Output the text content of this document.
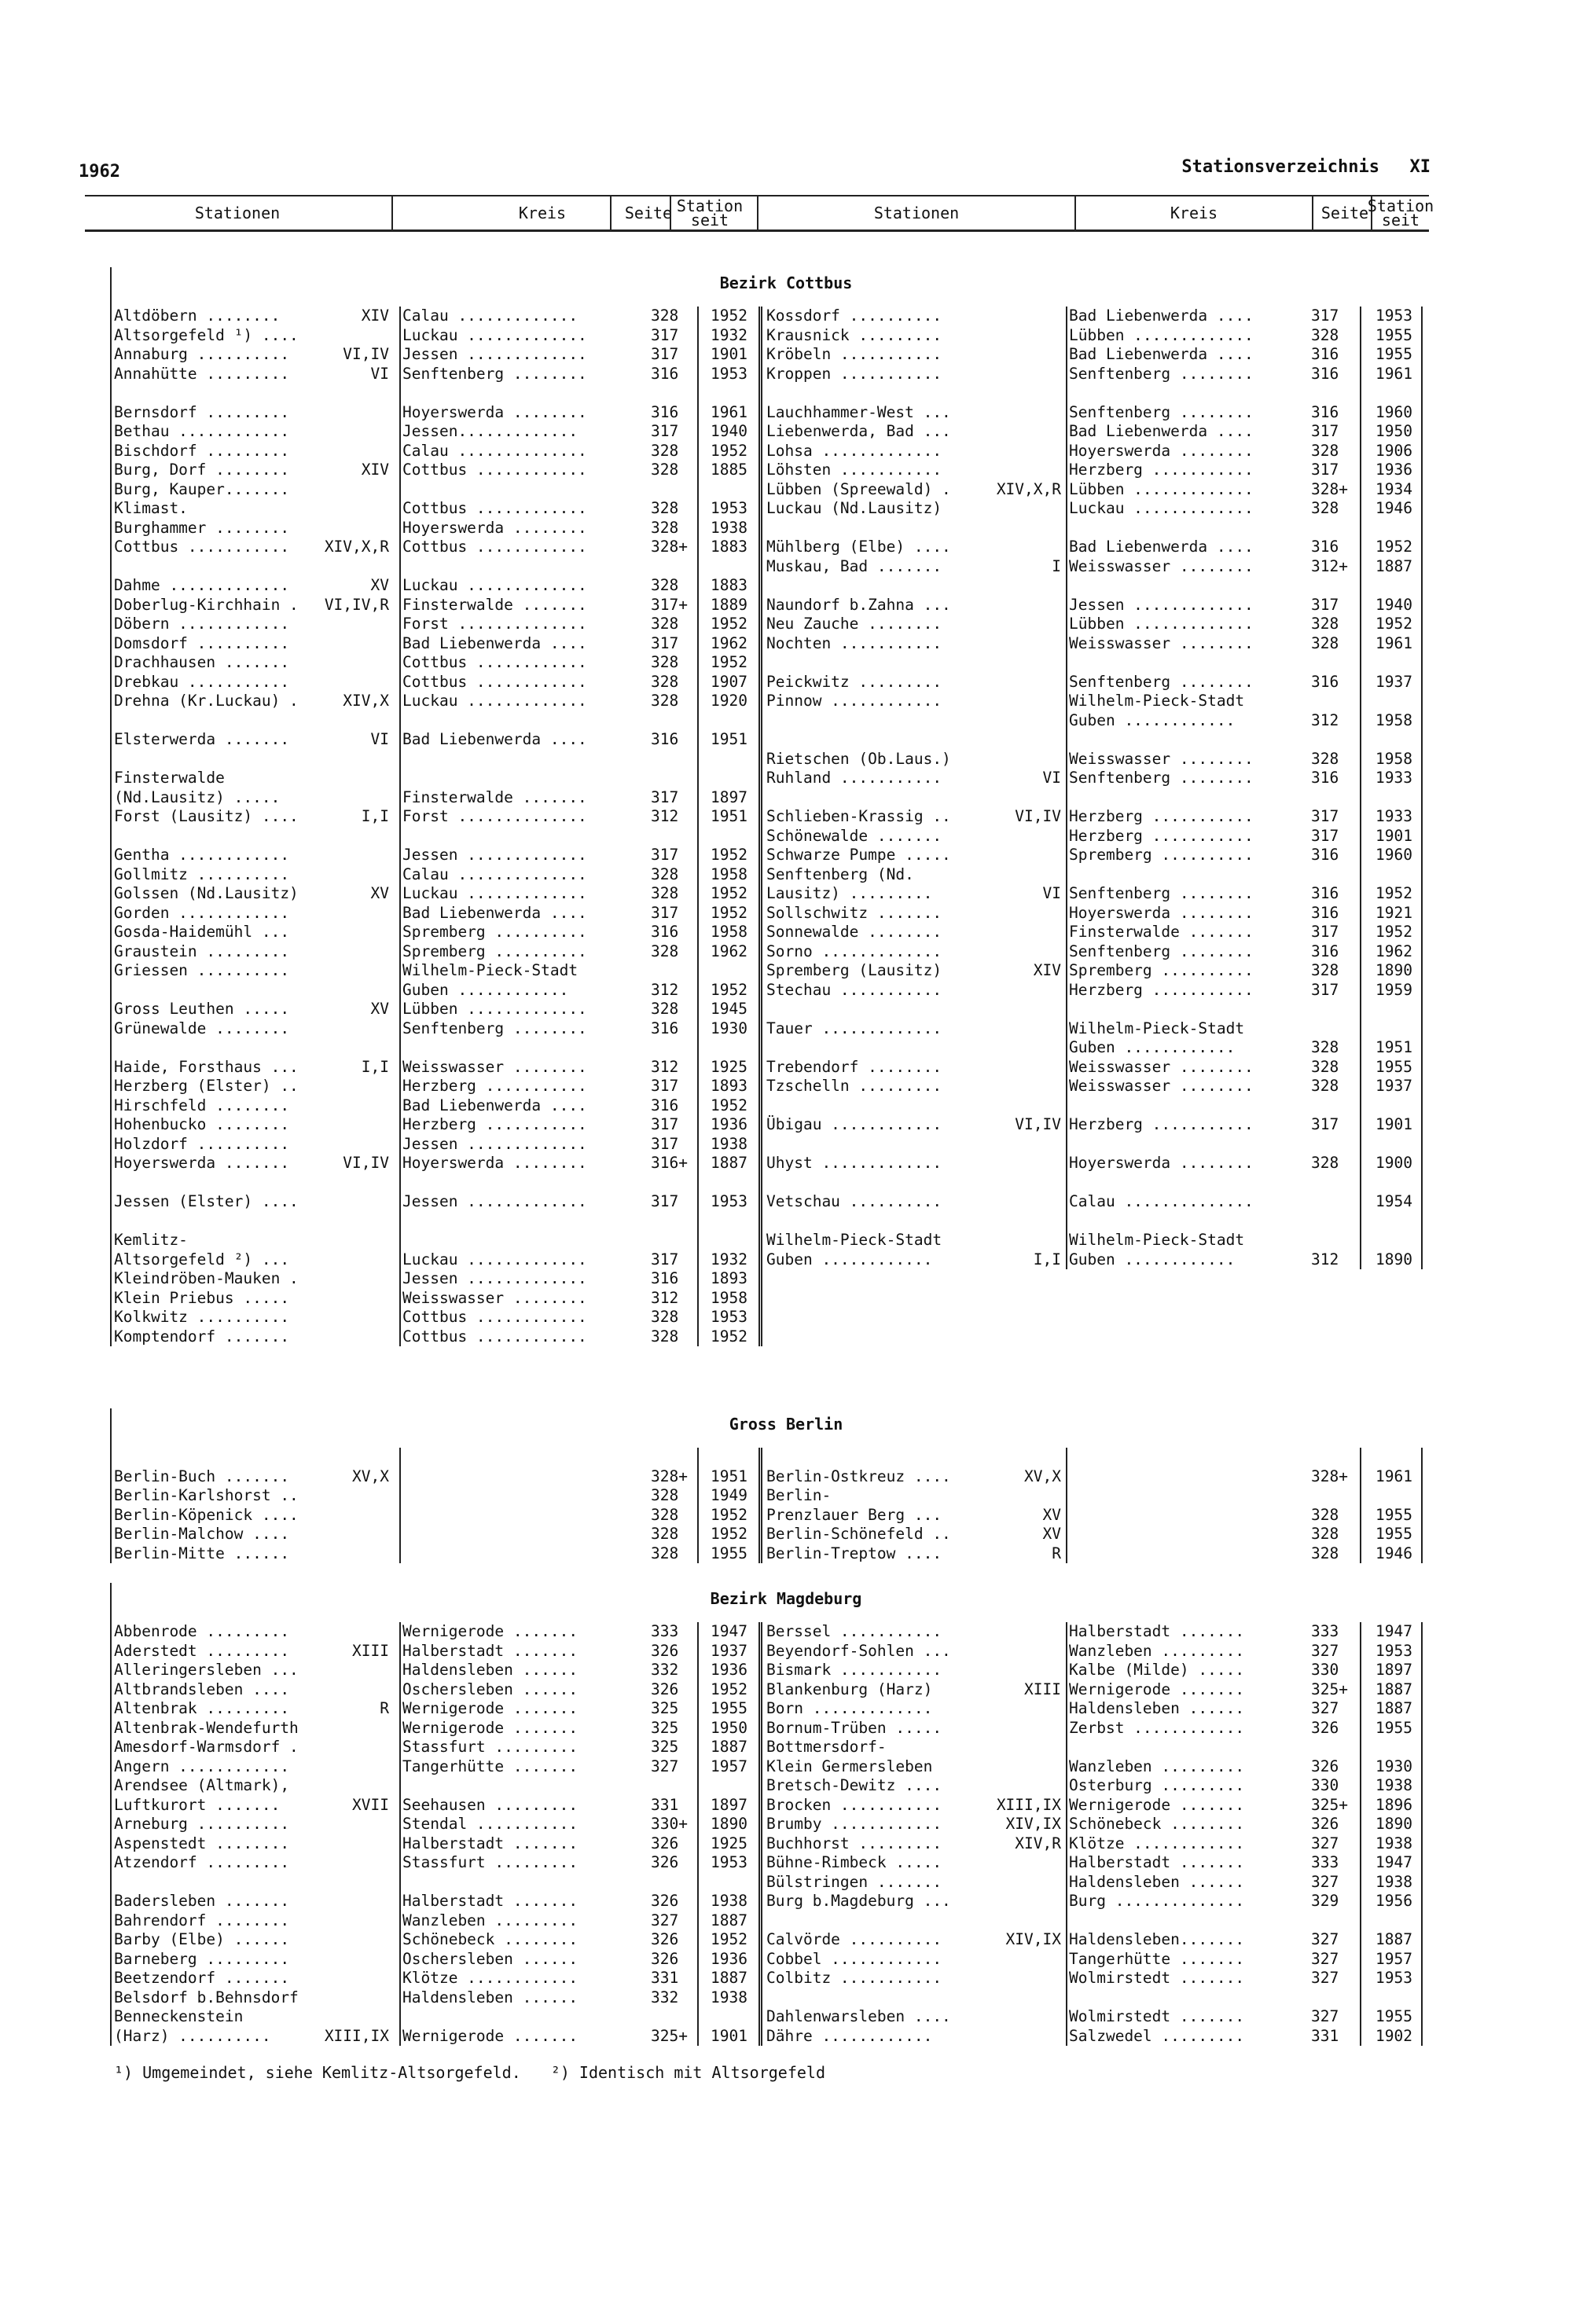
1962	Stationsverzeichnis XI
Stationen	Kreis	Seite Station seit	Stationen	Kreis	Seite
Station seit
Bezirk Cottbus
Altdöbern ........	XIV Calau .............	328 1952
Altsorgefeld ¹) ....	Luckau .............	317 1932
Annaburg ..........	VI,IV Jessen .............	317 1901
Annahütte .........	VI Senftenberg ........	316 1953
Bernsdorf .........	Hoyerswerda ........	316 1961
Bethau ............	Jessen.............	317 1940
Bischdorf .........	Calau ..............	328 1952
Burg, Dorf ........	XIV Cottbus ............	328 1885
Burg, Kauper.......
Klimast.	Cottbus ............	328 1953
Burghammer ........	Hoyerswerda ........	328 1938
Cottbus ........... XIV,X,R Cottbus ............	328+ 1883
Dahme .............	XV Luckau .............	328 1883
Doberlug-Kirchhain . VI,IV,R Finsterwalde .......	317+ 1889
Döbern ............	Forst ..............	328 1952
Domsdorf ..........	Bad Liebenwerda ....	317 1962
Drachhausen .......	Cottbus ............	328 1952
Drebkau ...........	Cottbus ............	328 1907
Drehna (Kr.Luckau) .	XIV,X Luckau .............	328 1920
Elsterwerda .......	VI Bad Liebenwerda ....	316 1951
Finsterwalde
(Nd.Lausitz) .....	Finsterwalde .......	317 1897
Forst (Lausitz) ....	I,I Forst ..............	312 1951
Gentha ............	Jessen .............	317 1952
Gollmitz ..........	Calau ..............	328 1958
Golssen (Nd.Lausitz)	XV Luckau .............	328 1952
Gorden ............	Bad Liebenwerda ....	317 1952
Gosda-Haidemühl ...	Spremberg ..........	316 1958
Graustein .........	Spremberg ..........	328 1962
Griessen ..........	Wilhelm-Pieck-Stadt
Guben ............	312 1952
Gross Leuthen .....	XV Lübben .............	328 1945
Grünewalde ........	Senftenberg ........	316 1930
Haide, Forsthaus ...	I,I Weisswasser ........	312 1925
Herzberg (Elster) ..	Herzberg ...........	317 1893
Hirschfeld ........	Bad Liebenwerda ....	316 1952
Hohenbucko ........	Herzberg ...........	317 1936
Holzdorf ..........	Jessen .............	317 1938
Hoyerswerda .......	VI,IV Hoyerswerda ........	316+ 1887
Jessen (Elster) ....	Jessen .............	317 1953
Kemlitz-
Altsorgefeld ²) ...	Luckau .............	317 1932
Kleindröben-Mauken .	Jessen .............	316 1893
Klein Priebus .....	Weisswasser ........	312 1958
Kolkwitz ..........	Cottbus ............	328 1953
Komptendorf .......	Cottbus ............	328 1952
Kossdorf ..........	Bad Liebenwerda ....	317 1953
Krausnick .........	Lübben .............	328 1955
Kröbeln ...........	Bad Liebenwerda ....	316 1955
Kroppen ...........	Senftenberg ........	316 1961
Lauchhammer-West ...	Senftenberg ........	316 1960
Liebenwerda, Bad ...	Bad Liebenwerda ....	317 1950
Lohsa .............	Hoyerswerda ........	328 1906
Löhsten ...........	Herzberg ...........	317 1936
Lübben (Spreewald) .	XIV,X,R Lübben .............	328+ 1934
Luckau (Nd.Lausitz)	Luckau .............	328 1946
Mühlberg (Elbe) ....	Bad Liebenwerda ....	316 1952
Muskau, Bad .......	I Weisswasser ........	312+ 1887
Naundorf b.Zahna ...	Jessen .............	317 1940
Neu Zauche ........	Lübben .............	328 1952
Nochten ...........	Weisswasser ........	328 1961
Peickwitz .........	Senftenberg ........	316 1937
Pinnow ............	Wilhelm-Pieck-Stadt
Guben ............	312 1958
Rietschen (Ob.Laus.)	Weisswasser ........	328 1958
Ruhland ...........	VI Senftenberg ........	316 1933
Schlieben-Krassig ..	VI,IV Herzberg ...........	317 1933
Schönewalde .......	Herzberg ...........	317 1901
Schwarze Pumpe .....	Spremberg ..........	316 1960
Senftenberg (Nd.
Lausitz) .........	VI Senftenberg ........	316 1952
Sollschwitz .......	Hoyerswerda ........	316 1921
Sonnewalde ........	Finsterwalde .......	317 1952
Sorno .............	Senftenberg ........	316 1962
Spremberg (Lausitz)	XIV Spremberg ..........	328 1890
Stechau ...........	Herzberg ...........	317 1959
Tauer .............	Wilhelm-Pieck-Stadt
Guben ............	328 1951
Trebendorf ........	Weisswasser ........	328 1955
Tzschelln .........	Weisswasser ........	328 1937
Übigau ............	VI,IV Herzberg ...........	317 1901
Uhyst .............	Hoyerswerda ........	328 1900
Vetschau ..........	Calau ..............	1954
Wilhelm-Pieck-Stadt	Wilhelm-Pieck-Stadt
Guben ............	I,I Guben ............	312 1890
Gross Berlin
Berlin-Buch .......	XV,X	328+ 1951
Berlin-Karlshorst ..	328 1949
Berlin-Köpenick ....	328 1952
Berlin-Malchow ....	328 1952
Berlin-Mitte ......	328 1955
Berlin-Ostkreuz ....	XV,X	328+ 1961
Berlin-
Prenzlauer Berg ...	XV	328 1955
Berlin-Schönefeld ..	XV	328 1955
Berlin-Treptow ....	R	328 1946
Bezirk Magdeburg
Abbenrode .........	Wernigerode .......	333 1947
Aderstedt .........	XIII Halberstadt .......	326 1937
Alleringersleben ...	Haldensleben ......	332 1936
Altbrandsleben ....	Oschersleben ......	326 1952
Altenbrak .........	R Wernigerode .......	325 1955
Altenbrak-Wendefurth	Wernigerode .......	325 1950
Amesdorf-Warmsdorf .	Stassfurt .........	325 1887
Angern ............	Tangerhütte .......	327 1957
Arendsee (Altmark),
Luftkurort .......	XVII Seehausen .........	331 1897
Arneburg ..........	Stendal ...........	330+ 1890
Aspenstedt ........	Halberstadt .......	326 1925
Atzendorf .........	Stassfurt .........	326 1953
Badersleben .......	Halberstadt .......	326 1938
Bahrendorf ........	Wanzleben .........	327 1887
Barby (Elbe) ......	Schönebeck ........	326 1952
Barneberg .........	Oschersleben ......	326 1936
Beetzendorf .......	Klötze ............	331 1887
Belsdorf b.Behnsdorf	Haldensleben ......	332 1938
Benneckenstein
(Harz) ..........	XIII,IX Wernigerode .......	325+ 1901
Berssel ...........	Halberstadt .......	333 1947
Beyendorf-Sohlen ...	Wanzleben .........	327 1953
Bismark ...........	Kalbe (Milde) .....	330 1897
Blankenburg (Harz)	XIII Wernigerode .......	325+ 1887
Born .............	Haldensleben ......	327 1887
Bornum-Trüben .....	Zerbst ............	326 1955
Bottmersdorf-
Klein Germersleben	Wanzleben .........	326 1930
Bretsch-Dewitz ....	Osterburg .........	330 1938
Brocken ...........	XIII,IX Wernigerode .......	325+ 1896
Brumby ............	XIV,IX Schönebeck ........	326 1890
Buchhorst .........	XIV,R Klötze ............	327 1938
Bühne-Rimbeck .....	Halberstadt .......	333 1947
Bülstringen .......	Haldensleben ......	327 1938
Burg b.Magdeburg ...	Burg ..............	329 1956
Calvörde ..........	XIV,IX Haldensleben.......	327 1887
Cobbel ............	Tangerhütte .......	327 1957
Colbitz ...........	Wolmirstedt .......	327 1953
Dahlenwarsleben ....	Wolmirstedt .......	327 1955
Dähre ............	Salzwedel .........	331 1902
¹) Umgemeindet, siehe Kemlitz-Altsorgefeld. ²) Identisch mit Altsorgefeld
